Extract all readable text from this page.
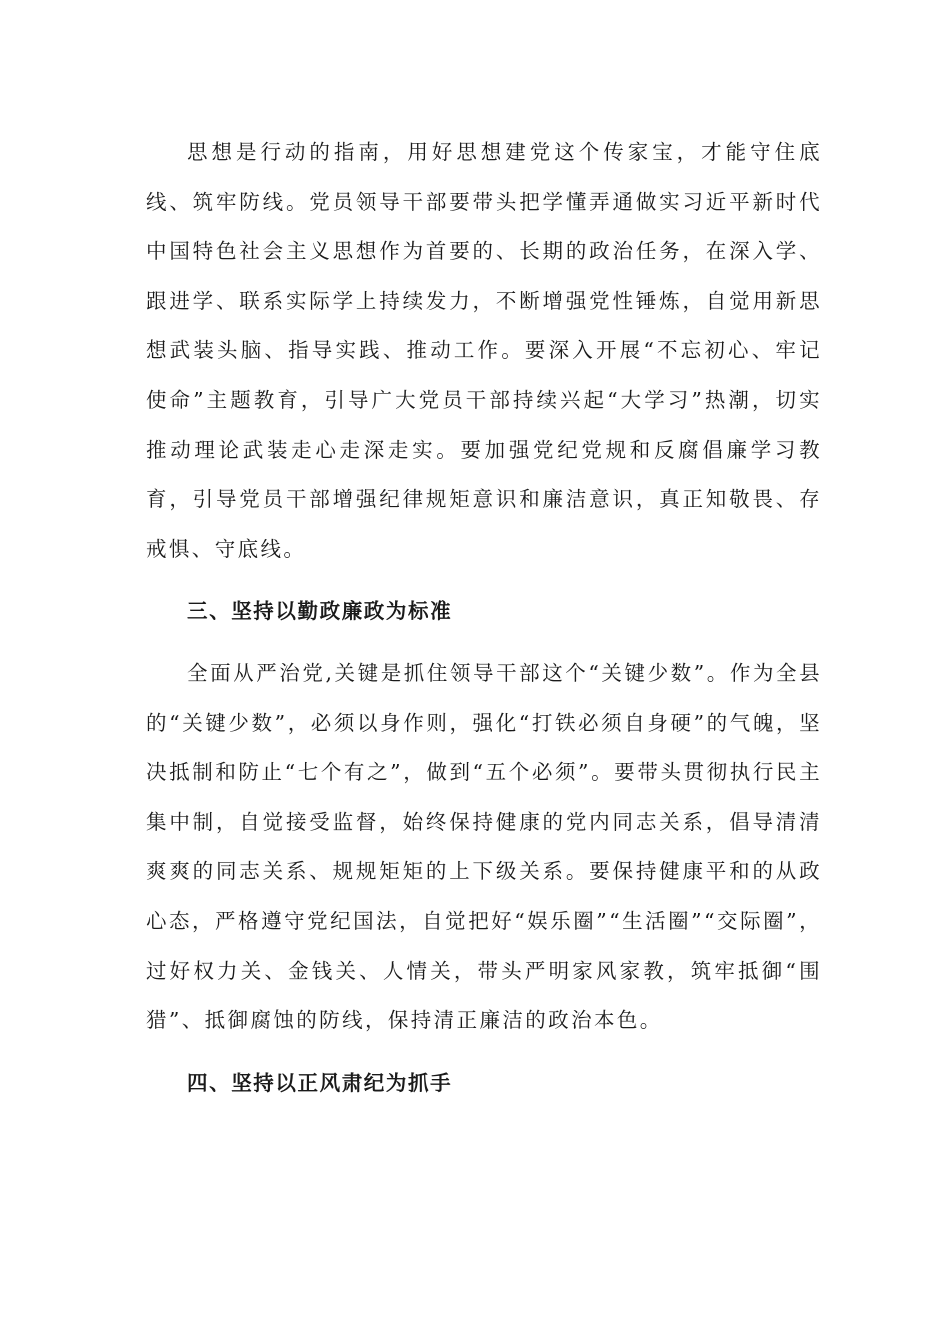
思想是行动的指南，用好思想建党这个传家宝，才能守住底线、筑牢防线。党员领导干部要带头把学懂弄通做实习近平新时代中国特色社会主义思想作为首要的、长期的政治任务，在深入学、跟进学、联系实际学上持续发力，不断增强党性锤炼，自觉用新思想武装头脑、指导实践、推动工作。要深入开展“不忘初心、牢记使命”主题教育，引导广大党员干部持续兴起“大学习”热潮，切实推动理论武装走心走深走实。要加强党纪党规和反腐倡廉学习教育，引导党员干部增强纪律规矩意识和廉洁意识，真正知敬畏、存戒惧、守底线。

三、坚持以勤政廉政为标准

全面从严治党,关键是抓住领导干部这个“关键少数”。作为全县的“关键少数”，必须以身作则，强化“打铁必须自身硬”的气魄，坚决抵制和防止“七个有之”，做到“五个必须”。要带头贯彻执行民主集中制，自觉接受监督，始终保持健康的党内同志关系，倡导清清爽爽的同志关系、规规矩矩的上下级关系。要保持健康平和的从政心态，严格遵守党纪国法，自觉把好“娱乐圈”“生活圈”“交际圈”，过好权力关、金钱关、人情关，带头严明家风家教，筑牢抵御“围猎”、抵御腐蚀的防线，保持清正廉洁的政治本色。

四、坚持以正风肃纪为抓手
